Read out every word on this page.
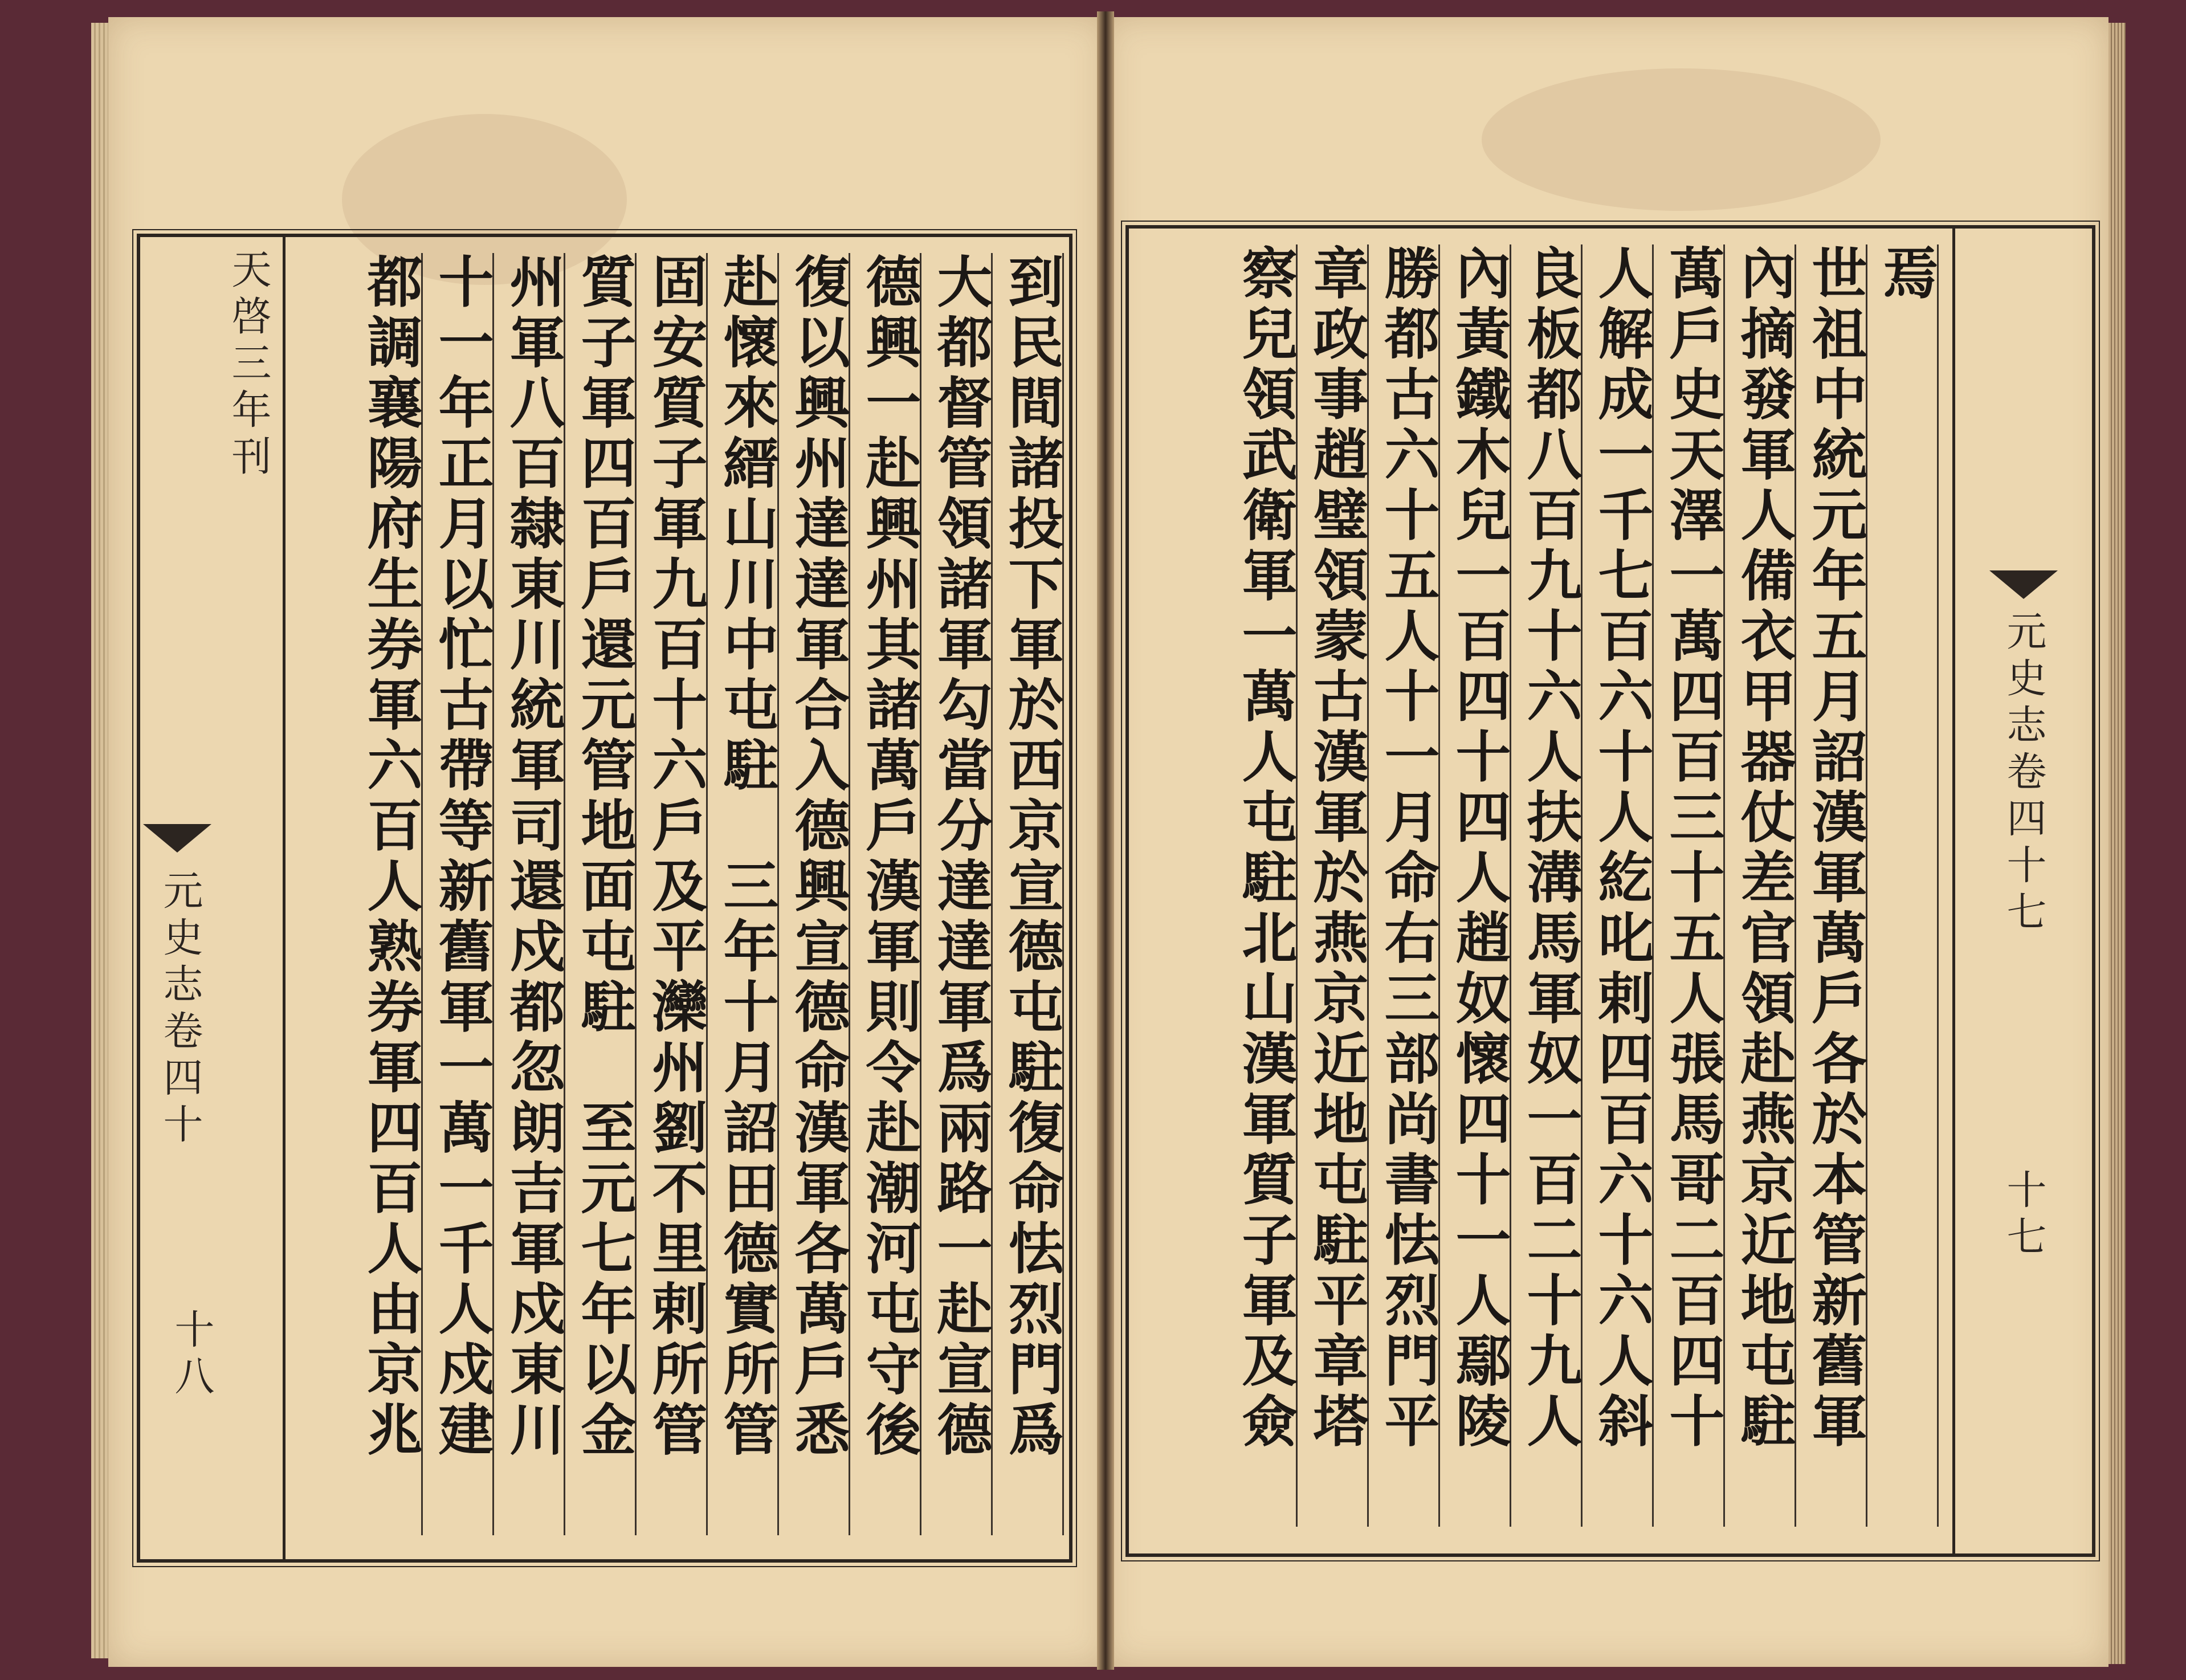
到民間諸投下軍於西京宣德屯駐復命怯烈門爲
大都督管領諸軍勾當分達達軍爲兩路一赴宣德
德興一赴興州其諸萬戶漢軍則令赴潮河屯守後
復以興州達達軍合入德興宣德命漢軍各萬戶悉
赴懷來縉山川中屯駐　三年十月詔田德實所管
固安質子軍九百十六戶及平灤州劉不里剌所管
質子軍四百戶還元管地面屯駐　至元七年以金
州軍八百隸東川統軍司還戍都忽朗吉軍戍東川
十一年正月以忙古帶等新舊軍一萬一千人戍建
都調襄陽府生券軍六百人熟券軍四百人由京兆
天啓三年刊
元史志卷四十
十八
焉
世祖中統元年五月詔漢軍萬戶各於本管新舊軍
內摘發軍人備衣甲器仗差官領赴燕京近地屯駐
萬戶史天澤一萬四百三十五人張馬哥二百四十
人解成一千七百六十人紇叱剌四百六十六人斜
良板都八百九十六人扶溝馬軍奴一百二十九人
內黃鐵木兒一百四十四人趙奴懷四十一人鄢陵
勝都古六十五人十一月命右三部尚書怯烈門平
章政事趙璧領蒙古漢軍於燕京近地屯駐平章塔
察兒領武衛軍一萬人屯駐北山漢軍質子軍及僉	元史志卷四十七
十七
